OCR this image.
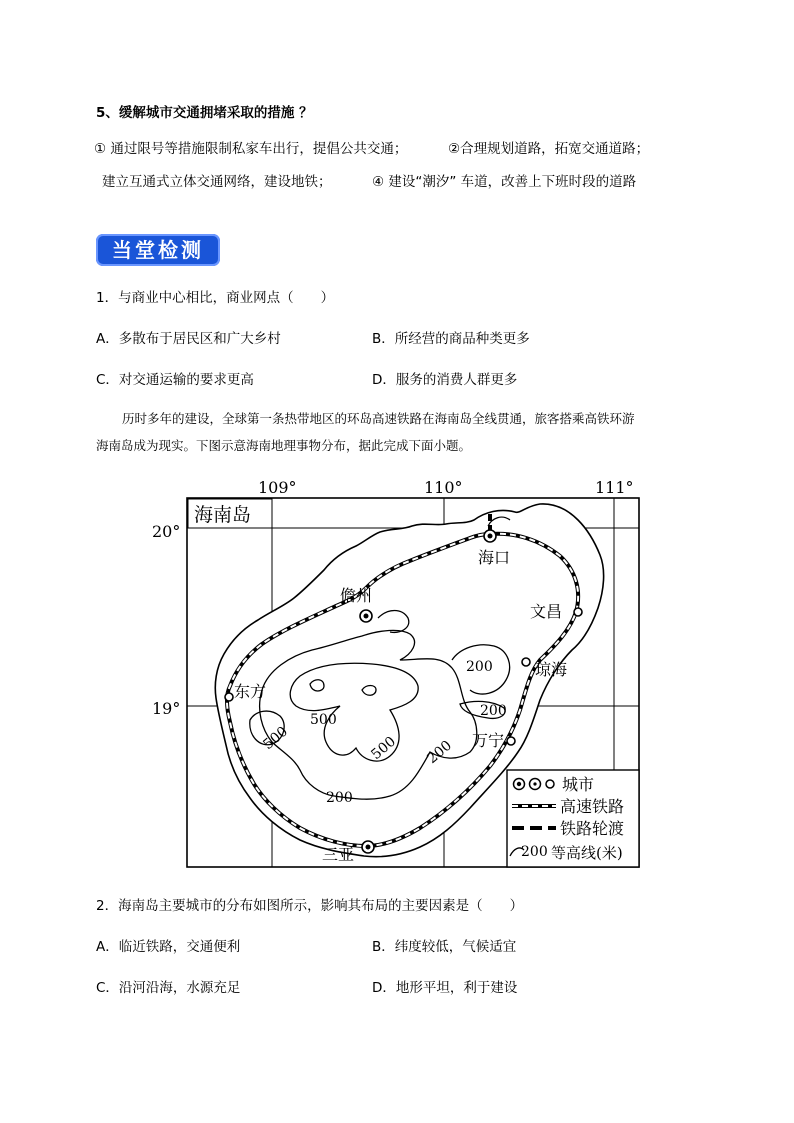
5、缓解城市交通拥堵采取的措施 ？
① 通过限号等措施限制私家车出行，提倡公共交通；	②合理规划道路，拓宽交通道路；
建立互通式立体交通网络，建设地铁；	④ 建设“潮汐” 车道，改善上下班时段的道路
当堂检测
1．与商业中心相比，商业网点（　　）
A．多散布于居民区和广大乡村	B．所经营的商品种类更多
C．对交通运输的要求更高	D．服务的消费人群更多
历时多年的建设，全球第一条热带地区的环岛高速铁路在海南岛全线贯通，旅客搭乘高铁环游
海南岛成为现实。下图示意海南地理事物分布，据此完成下面小题。
109°	110°	111°
20°
19°
海南岛
200
200
500
500	500 200
200
海口
儋州
文昌
琼海
东方
万宁
三亚
城市
高速铁路
铁路轮渡
200 等高线(米)
2．海南岛主要城市的分布如图所示，影响其布局的主要因素是（　　）
A．临近铁路，交通便利	B．纬度较低，气候适宜
C．沿河沿海，水源充足	D．地形平坦，利于建设
